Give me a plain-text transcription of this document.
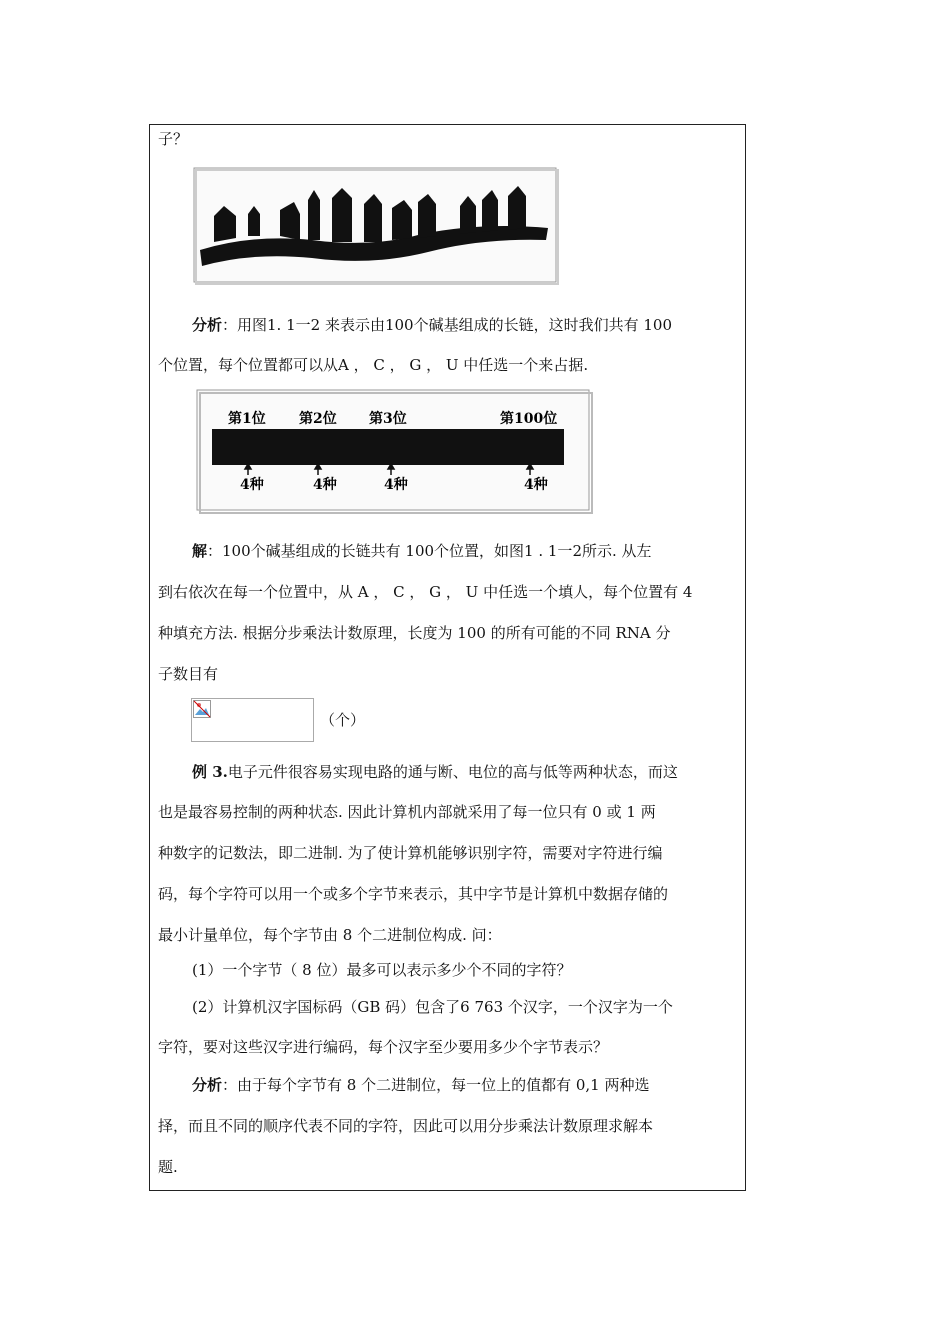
子？
分析：用图1. 1一2 来表示由100个碱基组成的长链，这时我们共有 100
个位置，每个位置都可以从A ， C ， G ， U 中任选一个来占据.
第1位 第2位 第3位	第100位
4种	4种	4种	4种
解：100个碱基组成的长链共有 100个位置，如图1 . 1一2所示. 从左
到右依次在每一个位置中，从 A ， C ， G ， U 中任选一个填人，每个位置有 4
种填充方法. 根据分步乘法计数原理，长度为 100 的所有可能的不同 RNA 分
子数目有
（个）
例 3.电子元件很容易实现电路的通与断、电位的高与低等两种状态，而这
也是最容易控制的两种状态. 因此计算机内部就采用了每一位只有 0 或 1 两
种数字的记数法，即二进制. 为了使计算机能够识别字符，需要对字符进行编
码，每个字符可以用一个或多个字节来表示，其中字节是计算机中数据存储的
最小计量单位，每个字节由 8 个二进制位构成. 问：
(1）一个字节（ 8 位）最多可以表示多少个不同的字符？
(2）计算机汉字国标码（GB 码）包含了6 763 个汉字，一个汉字为一个
字符，要对这些汉字进行编码，每个汉字至少要用多少个字节表示？
分析：由于每个字节有 8 个二进制位，每一位上的值都有 0,1 两种选
择，而且不同的顺序代表不同的字符，因此可以用分步乘法计数原理求解本
题.
